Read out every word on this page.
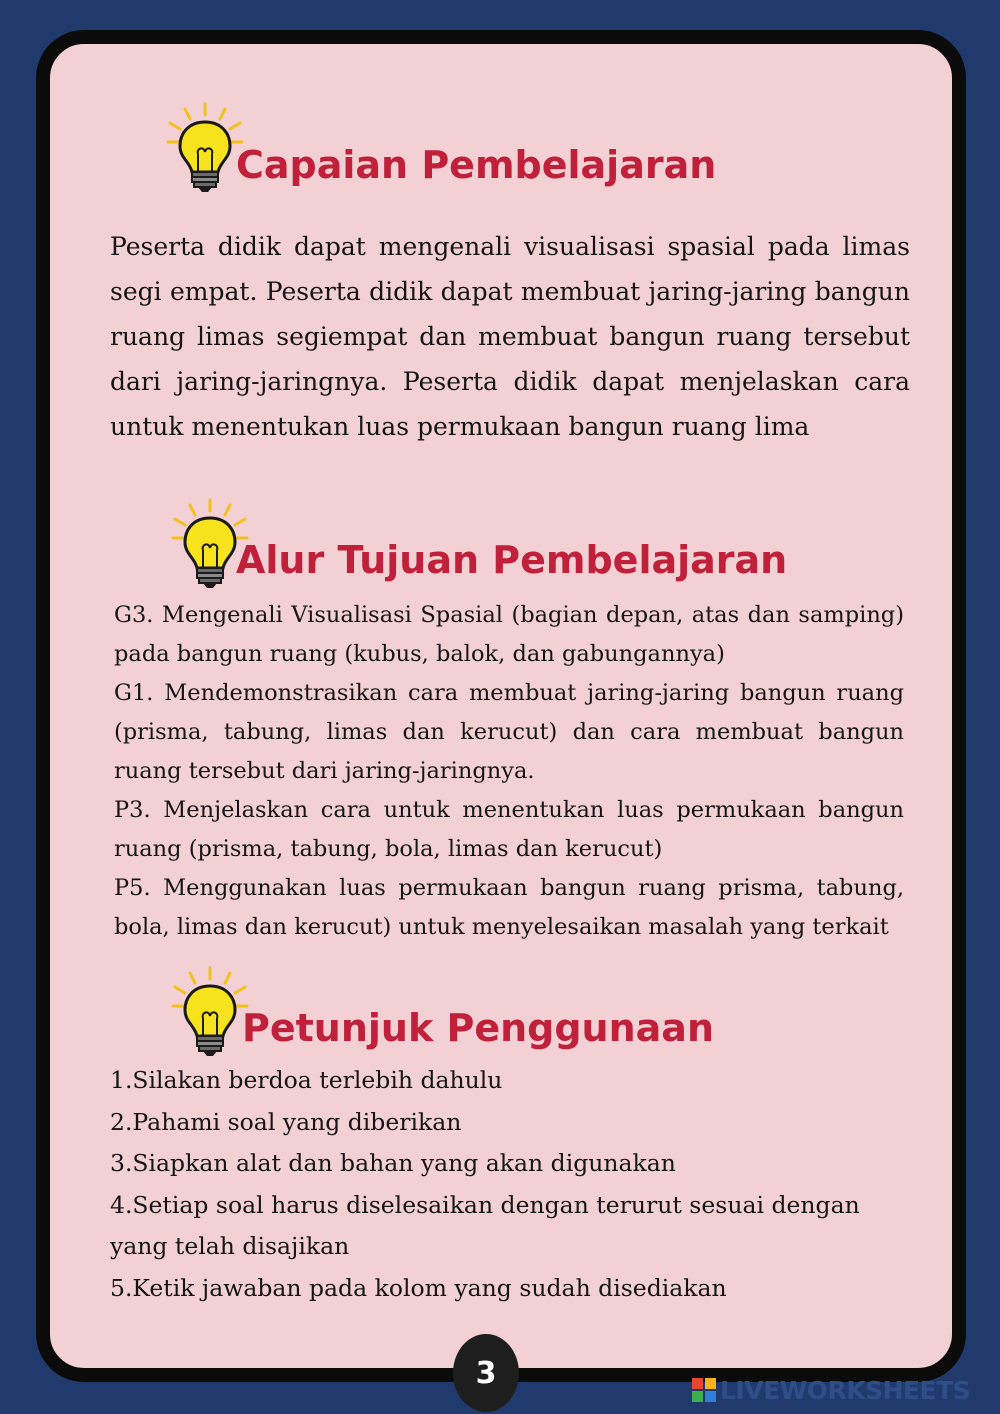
Capaian Pembelajaran

Peserta didik dapat mengenali visualisasi spasial pada limas segi empat. Peserta didik dapat membuat jaring-jaring bangun ruang limas segiempat dan membuat bangun ruang tersebut dari jaring-jaringnya. Peserta didik dapat menjelaskan cara untuk menentukan luas permukaan bangun ruang lima

Alur Tujuan Pembelajaran

G3. Mengenali Visualisasi Spasial (bagian depan, atas dan samping) pada bangun ruang (kubus, balok, dan gabungannya)

G1. Mendemonstrasikan cara membuat jaring-jaring bangun ruang (prisma, tabung, limas dan kerucut) dan cara membuat bangun ruang tersebut dari jaring-jaringnya.

P3. Menjelaskan cara untuk menentukan luas permukaan bangun ruang (prisma, tabung, bola, limas dan kerucut)

P5. Menggunakan luas permukaan bangun ruang prisma, tabung, bola, limas dan kerucut) untuk menyelesaikan masalah yang terkait

Petunjuk Penggunaan

1.Silakan berdoa terlebih dahulu

2.Pahami soal yang diberikan

3.Siapkan alat dan bahan yang akan digunakan

4.Setiap soal harus diselesaikan dengan terurut sesuai dengan yang telah disajikan

5.Ketik jawaban pada kolom yang sudah disediakan

3	LIVEWORKSHEETS
